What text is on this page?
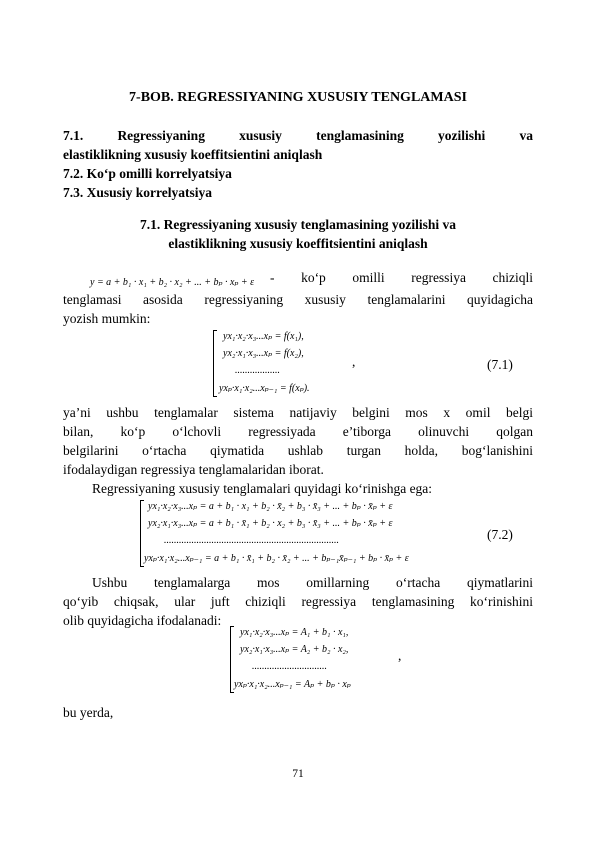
7-BOB. REGRESSIYANING XUSUSIY TENGLAMASI
7.1. Regressiyaning xususiy tenglamasining yozilishi va
elastiklikning xususiy koeffitsientini aniqlash
7.2. Ko‘p omilli korrelyatsiya
7.3. Xususiy korrelyatsiya
7.1. Regressiyaning xususiy tenglamasining yozilishi va
elastiklikning xususiy koeffitsientini aniqlash
y = a + b₁ · x₁ + b₂ · x₂ + ... + bₚ · xₚ + ε	- ko‘p omilli regressiya chiziqli
tenglamasi asosida regressiyaning xususiy tenglamalarini quyidagicha
yozish mumkin:
yx₁·x₂·x₃...xₚ = f(x₁),
yx₂·x₁·x₃...xₚ = f(x₂),
..................
yxₚ·x₁·x₂...xₚ₋₁ = f(xₚ).
,	(7.1)
ya’ni ushbu tenglamalar sistema natijaviy belgini mos x omil belgi
bilan, ko‘p o‘lchovli regressiyada e’tiborga olinuvchi qolgan
belgilarini o‘rtacha qiymatida ushlab turgan holda, bog‘lanishini
ifodalaydigan regressiya tenglamalaridan iborat.
Regressiyaning xususiy tenglamalari quyidagi ko‘rinishga ega:
yx₁·x₂·x₃...xₚ = a + b₁ · x₁ + b₂ · x̄₂ + b₃ · x̄₃ + ... + bₚ · x̄ₚ + ε
yx₂·x₁·x₃...xₚ = a + b₁ · x̄₁ + b₂ · x₂ + b₃ · x̄₃ + ... + bₚ · x̄ₚ + ε
......................................................................
yxₚ·x₁·x₂...xₚ₋₁ = a + b₁ · x̄₁ + b₂ · x̄₂ + ... + bₚ₋₁x̄ₚ₋₁ + bₚ · x̄ₚ + ε
(7.2)
Ushbu tenglamalarga mos omillarning o‘rtacha qiymatlarini
qo‘yib chiqsak, ular juft chiziqli regressiya tenglamasining ko‘rinishini
olib quyidagicha ifodalanadi:
yx₁·x₂·x₃...xₚ = A₁ + b₁ · x₁,
yx₂·x₁·x₃...xₚ = A₂ + b₂ · x₂,
..............................
yxₚ·x₁·x₂...xₚ₋₁ = Aₚ + bₚ · xₚ
,
bu yerda,
71
